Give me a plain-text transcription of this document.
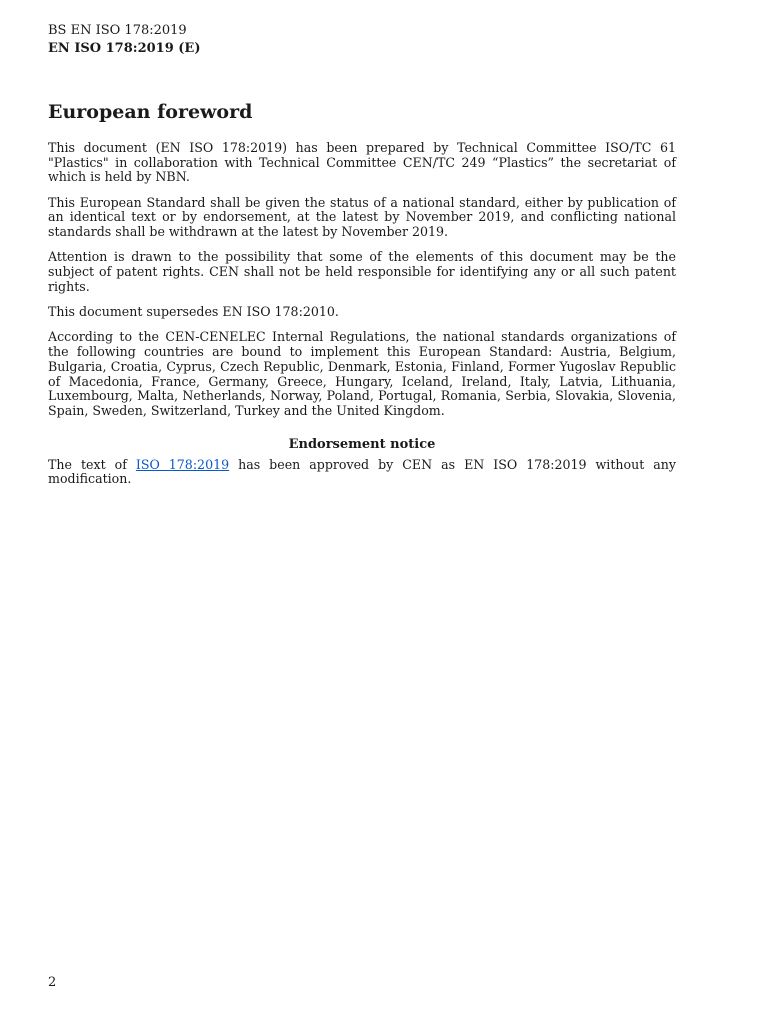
BS EN ISO 178:2019

EN ISO 178:2019 (E)

European foreword

This document (EN ISO 178:2019) has been prepared by Technical Committee ISO/TC 61 "Plastics" in collaboration with Technical Committee CEN/TC 249 “Plastics” the secretariat of which is held by NBN.

This European Standard shall be given the status of a national standard, either by publication of an identical text or by endorsement, at the latest by November 2019, and conflicting national standards shall be withdrawn at the latest by November 2019.

Attention is drawn to the possibility that some of the elements of this document may be the subject of patent rights. CEN shall not be held responsible for identifying any or all such patent rights.

This document supersedes EN ISO 178:2010.

According to the CEN-CENELEC Internal Regulations, the national standards organizations of the following countries are bound to implement this European Standard: Austria, Belgium, Bulgaria, Croatia, Cyprus, Czech Republic, Denmark, Estonia, Finland, Former Yugoslav Republic of Macedonia, France, Germany, Greece, Hungary, Iceland, Ireland, Italy, Latvia, Lithuania, Luxembourg, Malta, Netherlands, Norway, Poland, Portugal, Romania, Serbia, Slovakia, Slovenia, Spain, Sweden, Switzerland, Turkey and the United Kingdom.

Endorsement notice

The text of ISO 178:2019 has been approved by CEN as EN ISO 178:2019 without any modification.

2
